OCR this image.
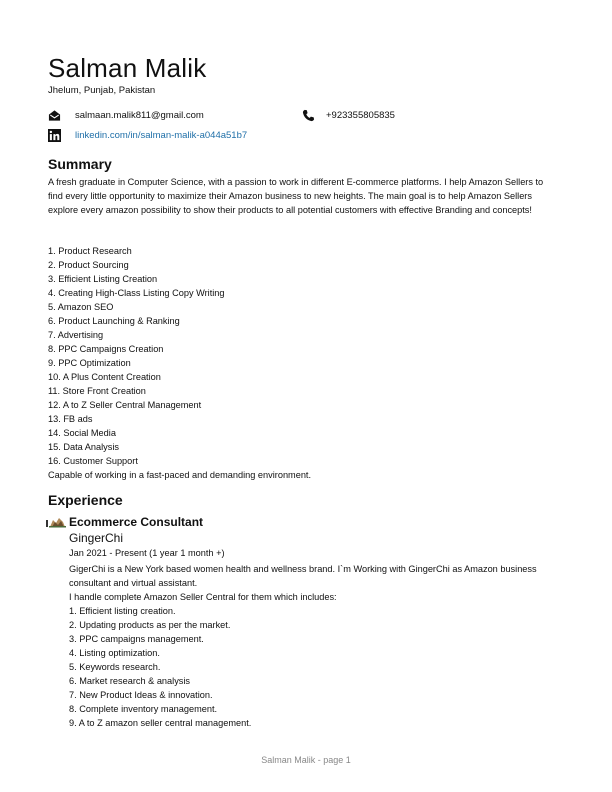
Salman Malik
Jhelum, Punjab, Pakistan
salmaan.malik811@gmail.com	+923355805835
linkedin.com/in/salman-malik-a044a51b7
Summary
A fresh graduate in Computer Science, with a passion to work in different E-commerce platforms. I help Amazon Sellers to find every little opportunity to maximize their Amazon business to new heights. The main goal is to help Amazon Sellers explore every amazon possibility to show their products to all potential customers with effective Branding and concepts!
1. Product Research
2. Product Sourcing
3. Efficient Listing Creation
4. Creating High-Class Listing Copy Writing
5. Amazon SEO
6. Product Launching & Ranking
7. Advertising
8. PPC Campaigns Creation
9. PPC Optimization
10. A Plus Content Creation
11. Store Front Creation
12. A to Z Seller Central Management
13. FB ads
14. Social Media
15. Data Analysis
16. Customer Support
Capable of working in a fast-paced and demanding environment.
Experience
Ecommerce Consultant
GingerChi
Jan 2021 - Present (1 year 1 month +)
GigerChi is a New York based women health and wellness brand. I`m Working with GingerChi as Amazon business consultant and virtual assistant.
I handle complete Amazon Seller Central for them which includes:
1. Efficient listing creation.
2. Updating products as per the market.
3. PPC campaigns management.
4. Listing optimization.
5. Keywords research.
6. Market research & analysis
7. New Product Ideas & innovation.
8. Complete inventory management.
9. A to Z amazon seller central management.
Salman Malik - page 1
